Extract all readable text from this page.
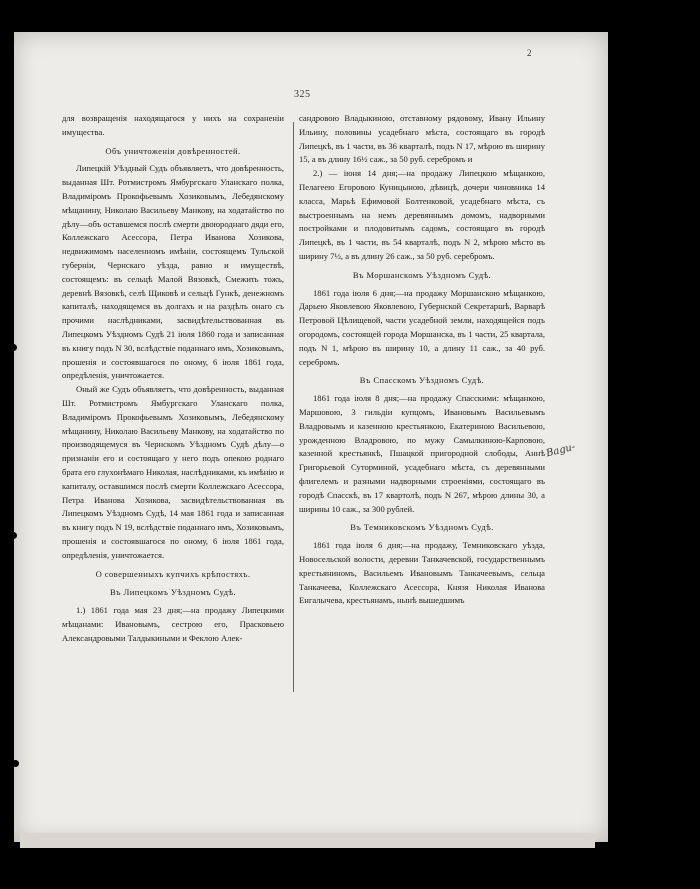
2
325

для возвращенія находящагося у нихъ на сохраненіи имущества.

Объ уничтоженіи довѣренностей.

Липецкій Уѣздный Судъ объявляетъ, что довѣренность, выданная Шт. Ротмистромъ Ямбургскаго Уланскаго полка, Владиміромъ Прокофьевымъ Хозиковымъ, Лебедянскому мѣщанину, Николаю Васильеву Манкову, на ходатайство по дѣлу—объ оставшемся послѣ смерти двоюроднаго дяди его, Коллежскаго Асессора, Петра Иванова Хозикова, недвижимомъ населенномъ имѣніи, состоящемъ Тульской губерніи, Чернскаго уѣзда, равно и имуществѣ, состоящемъ: въ сельцѣ Малой Вязовкѣ, Смежить тожъ, деревнѣ Вязовкѣ, селѣ Щиковѣ и сельцѣ Гункѣ, денежномъ капиталѣ, находящемся въ долгахъ и на раздѣлъ онаго съ прочими наслѣдниками, засвидѣтельствованная въ Липецкомъ Уѣздномъ Судѣ 21 іюля 1860 года и записанная въ книгу подъ N 30, вслѣдствіе поданнаго имъ, Хозиковымъ, прошенія и состоявшагося по оному, 6 іюля 1861 года, опредѣленія, уничтожается.

Оный же Судъ объявляетъ, что довѣренность, выданная Шт. Ротмистромъ Ямбургскаго Уланскаго полка, Владиміромъ Прокофьевымъ Хозиковымъ, Лебедянскому мѣщанину, Николаю Васильеву Манкову, на ходатайство по производящемуся въ Чернскомъ Уѣздномъ Судѣ дѣлу—о признаніи его и состоящаго у него подъ опекою роднаго брата его глухонѣмаго Николая, наслѣдниками, къ имѣнію и капиталу, оставшимся послѣ смерти Коллежскаго Асессора, Петра Иванова Хозикова, засвидѣтельствованная въ Липецкомъ Уѣздномъ Судѣ, 14 мая 1861 года и записанная въ книгу подъ N 19, вслѣдствіе поданнаго имъ, Хозиковымъ, прошенія и состоявшагося по оному, 6 іюля 1861 года, опредѣленія, уничтожается.

О совершенныхъ купчихъ крѣпостяхъ.
Въ Липецкомъ Уѣздномъ Судѣ.

1.) 1861 года мая 23 дня;—на продажу Липецкими мѣщанами: Ивановымъ, сестрою его, Прасковьею Александровыми Талдыкиными и Феклою Алек-

сандровою Владыкиною, отставному рядовому, Ивану Ильину Ильину, половины усадебнаго мѣста, состоящаго въ городѣ Липецкѣ, въ 1 части, въ 36 кварталѣ, подъ N 17, мѣрою въ ширину 15, а въ длину 16½ саж., за 50 руб. серебромъ и

2.) — іюня 14 дня;—на продажу Липецкою мѣщанкою, Пелагеею Егоровою Куницыною, дѣвицѣ, дочери чиновника 14 класса, Марьѣ Ефимовой Болтенковой, усадебнаго мѣста, съ выстроеннымъ на немъ деревяннымъ домомъ, надворными постройками и плодовитымъ садомъ, состоящаго въ городѣ Липецкѣ, въ 1 части, въ 54 кварталѣ, подъ N 2, мѣрою мѣсто въ ширину 7½, а въ длину 26 саж., за 50 руб. серебромъ.

Въ Моршанскомъ Уѣздномъ Судѣ.

1861 года іюля 6 дня;—на продажу Моршанскою мѣщанкою, Дарьею Яковлевою Яковлевою, Губернской Секретаршѣ, Варварѣ Петровой Цѣлищевой, части усадебной земли, находящейся подъ огородомъ, состоящей города Моршанска, въ 1 части, 25 квартала, подъ N 1, мѣрою въ ширину 10, а длину 11 саж., за 40 руб. серебромъ.

Въ Спасскомъ Уѣздномъ Судѣ.

1861 года іюля 8 дня;—на продажу Спасскими: мѣщанкою, Маршовою, 3 гильдіи купцомъ, Ивановымъ Васильевымъ Владровымъ и казенною крестьянкою, Екатериною Васильевою, урожденною Владровою, по мужу Самылкиною-Карповою, казенной крестьянкѣ, Пшацкой пригородной слободы, Аннѣ Григорьевой Суторминой, усадебнаго мѣста, съ деревянными флигелемъ и разными надворными строеніями, состоящаго въ городѣ Спасскѣ, въ 17 квартолѣ, подъ N 267, мѣрою длины 30, а ширины 10 саж., за 300 рублей.

Въ Темниковскомъ Уѣздномъ Судѣ.

1861 года іюля 6 дня;—на продажу, Темниковскаго уѣзда, Новосельской волости, деревни Танкачевской, государственнымъ крестьяниномъ, Васильемъ Ивановымъ Танкачеевымъ, сельца Танкачеева, Коллежскаго Асессора, Князя Николая Иванова Енгалычева, крестьянамъ, нынѣ вышедшимъ

Bagu-
